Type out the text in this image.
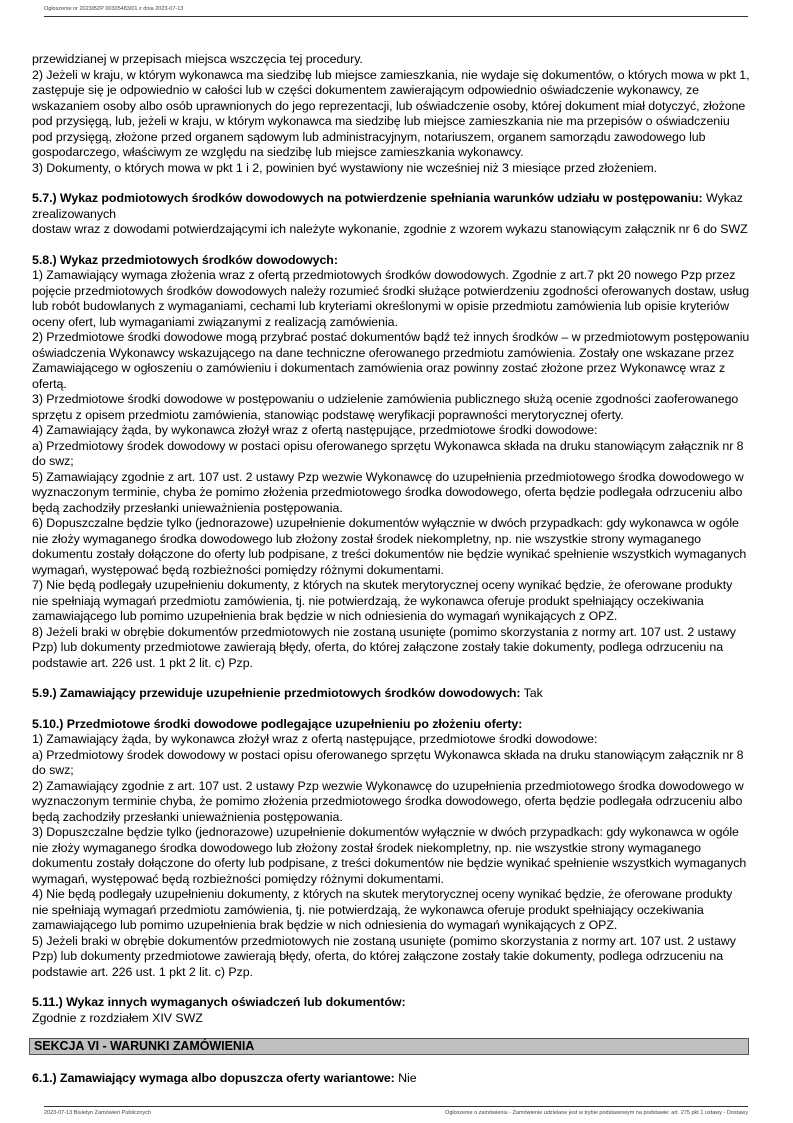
Ogłoszenie nr 2023/BZP 00305483/01 z dnia 2023-07-13

przewidzianej w przepisach miejsca wszczęcia tej procedury.

2) Jeżeli w kraju, w którym wykonawca ma siedzibę lub miejsce zamieszkania, nie wydaje się dokumentów, o których mowa w pkt 1, zastępuje się je odpowiednio w całości lub w części dokumentem zawierającym odpowiednio oświadczenie wykonawcy, ze wskazaniem osoby albo osób uprawnionych do jego reprezentacji, lub oświadczenie osoby, której dokument miał dotyczyć, złożone pod przysięgą, lub, jeżeli w kraju, w którym wykonawca ma siedzibę lub miejsce zamieszkania nie ma przepisów o oświadczeniu pod przysięgą, złożone przed organem sądowym lub administracyjnym, notariuszem, organem samorządu zawodowego lub gospodarczego, właściwym ze względu na siedzibę lub miejsce zamieszkania wykonawcy.

3) Dokumenty, o których mowa w pkt 1 i 2, powinien być wystawiony nie wcześniej niż 3 miesiące przed złożeniem.

5.7.) Wykaz podmiotowych środków dowodowych na potwierdzenie spełniania warunków udziału w postępowaniu: Wykaz zrealizowanych

dostaw wraz z dowodami potwierdzającymi ich należyte wykonanie, zgodnie z wzorem wykazu stanowiącym załącznik nr 6 do SWZ

5.8.) Wykaz przedmiotowych środków dowodowych:

1) Zamawiający wymaga złożenia wraz z ofertą przedmiotowych środków dowodowych. Zgodnie z art.7 pkt 20 nowego Pzp przez pojęcie przedmiotowych środków dowodowych należy rozumieć środki służące potwierdzeniu zgodności oferowanych dostaw, usług lub robót budowlanych z wymaganiami, cechami lub kryteriami określonymi w opisie przedmiotu zamówienia lub opisie kryteriów oceny ofert, lub wymaganiami związanymi z realizacją zamówienia.

2) Przedmiotowe środki dowodowe mogą przybrać postać dokumentów bądź też innych środków – w przedmiotowym postępowaniu oświadczenia Wykonawcy wskazującego na dane techniczne oferowanego przedmiotu zamówienia. Zostały one wskazane przez Zamawiającego w ogłoszeniu o zamówieniu i dokumentach zamówienia oraz powinny zostać złożone przez Wykonawcę wraz z ofertą.

3) Przedmiotowe środki dowodowe w postępowaniu o udzielenie zamówienia publicznego służą ocenie zgodności zaoferowanego sprzętu z opisem przedmiotu zamówienia, stanowiąc podstawę weryfikacji poprawności merytorycznej oferty.

4) Zamawiający żąda, by wykonawca złożył wraz z ofertą następujące, przedmiotowe środki dowodowe:

a) Przedmiotowy środek dowodowy w postaci opisu oferowanego sprzętu Wykonawca składa na druku stanowiącym załącznik nr 8 do swz;

5) Zamawiający zgodnie z art. 107 ust. 2 ustawy Pzp wezwie Wykonawcę do uzupełnienia przedmiotowego środka dowodowego w wyznaczonym terminie, chyba że pomimo złożenia przedmiotowego środka dowodowego, oferta będzie podlegała odrzuceniu albo będą zachodziły przesłanki unieważnienia postępowania.

6) Dopuszczalne będzie tylko (jednorazowe) uzupełnienie dokumentów wyłącznie w dwóch przypadkach: gdy wykonawca w ogóle nie złoży wymaganego środka dowodowego lub złożony został środek niekompletny, np. nie wszystkie strony wymaganego dokumentu zostały dołączone do oferty lub podpisane, z treści dokumentów nie będzie wynikać spełnienie wszystkich wymaganych wymagań, występować będą rozbieżności pomiędzy różnymi dokumentami.

7) Nie będą podlegały uzupełnieniu dokumenty, z których na skutek merytorycznej oceny wynikać będzie, że oferowane produkty nie spełniają wymagań przedmiotu zamówienia, tj. nie potwierdzają, że wykonawca oferuje produkt spełniający oczekiwania zamawiającego lub pomimo uzupełnienia brak będzie w nich odniesienia do wymagań wynikających z OPZ.

8) Jeżeli braki w obrębie dokumentów przedmiotowych nie zostaną usunięte (pomimo skorzystania z normy art. 107 ust. 2 ustawy Pzp) lub dokumenty przedmiotowe zawierają błędy, oferta, do której załączone zostały takie dokumenty, podlega odrzuceniu na podstawie art. 226 ust. 1 pkt 2 lit. c) Pzp.

5.9.) Zamawiający przewiduje uzupełnienie przedmiotowych środków dowodowych: Tak

5.10.) Przedmiotowe środki dowodowe podlegające uzupełnieniu po złożeniu oferty:

1) Zamawiający żąda, by wykonawca złożył wraz z ofertą następujące, przedmiotowe środki dowodowe:

a) Przedmiotowy środek dowodowy w postaci opisu oferowanego sprzętu Wykonawca składa na druku stanowiącym załącznik nr 8 do swz;

2) Zamawiający zgodnie z art. 107 ust. 2 ustawy Pzp wezwie Wykonawcę do uzupełnienia przedmiotowego środka dowodowego w wyznaczonym terminie chyba, że pomimo złożenia przedmiotowego środka dowodowego, oferta będzie podlegała odrzuceniu albo będą zachodziły przesłanki unieważnienia postępowania.

3) Dopuszczalne będzie tylko (jednorazowe) uzupełnienie dokumentów wyłącznie w dwóch przypadkach: gdy wykonawca w ogóle nie złoży wymaganego środka dowodowego lub złożony został środek niekompletny, np. nie wszystkie strony wymaganego dokumentu zostały dołączone do oferty lub podpisane, z treści dokumentów nie będzie wynikać spełnienie wszystkich wymaganych wymagań, występować będą rozbieżności pomiędzy różnymi dokumentami.

4) Nie będą podlegały uzupełnieniu dokumenty, z których na skutek merytorycznej oceny wynikać będzie, że oferowane produkty nie spełniają wymagań przedmiotu zamówienia, tj. nie potwierdzają, że wykonawca oferuje produkt spełniający oczekiwania zamawiającego lub pomimo uzupełnienia brak będzie w nich odniesienia do wymagań wynikających z OPZ.

5) Jeżeli braki w obrębie dokumentów przedmiotowych nie zostaną usunięte (pomimo skorzystania z normy art. 107 ust. 2 ustawy Pzp) lub dokumenty przedmiotowe zawierają błędy, oferta, do której załączone zostały takie dokumenty, podlega odrzuceniu na podstawie art. 226 ust. 1 pkt 2 lit. c) Pzp.

5.11.) Wykaz innych wymaganych oświadczeń lub dokumentów:

Zgodnie z rozdziałem XIV SWZ

SEKCJA VI - WARUNKI ZAMÓWIENIA

6.1.) Zamawiający wymaga albo dopuszcza oferty wariantowe: Nie

2023-07-13 Biuletyn Zamówień Publicznych	Ogłoszenie o zamówieniu - Zamówienie udzielane jest w trybie podstawowym na podstawie: art. 275 pkt 1 ustawy - Dostawy
